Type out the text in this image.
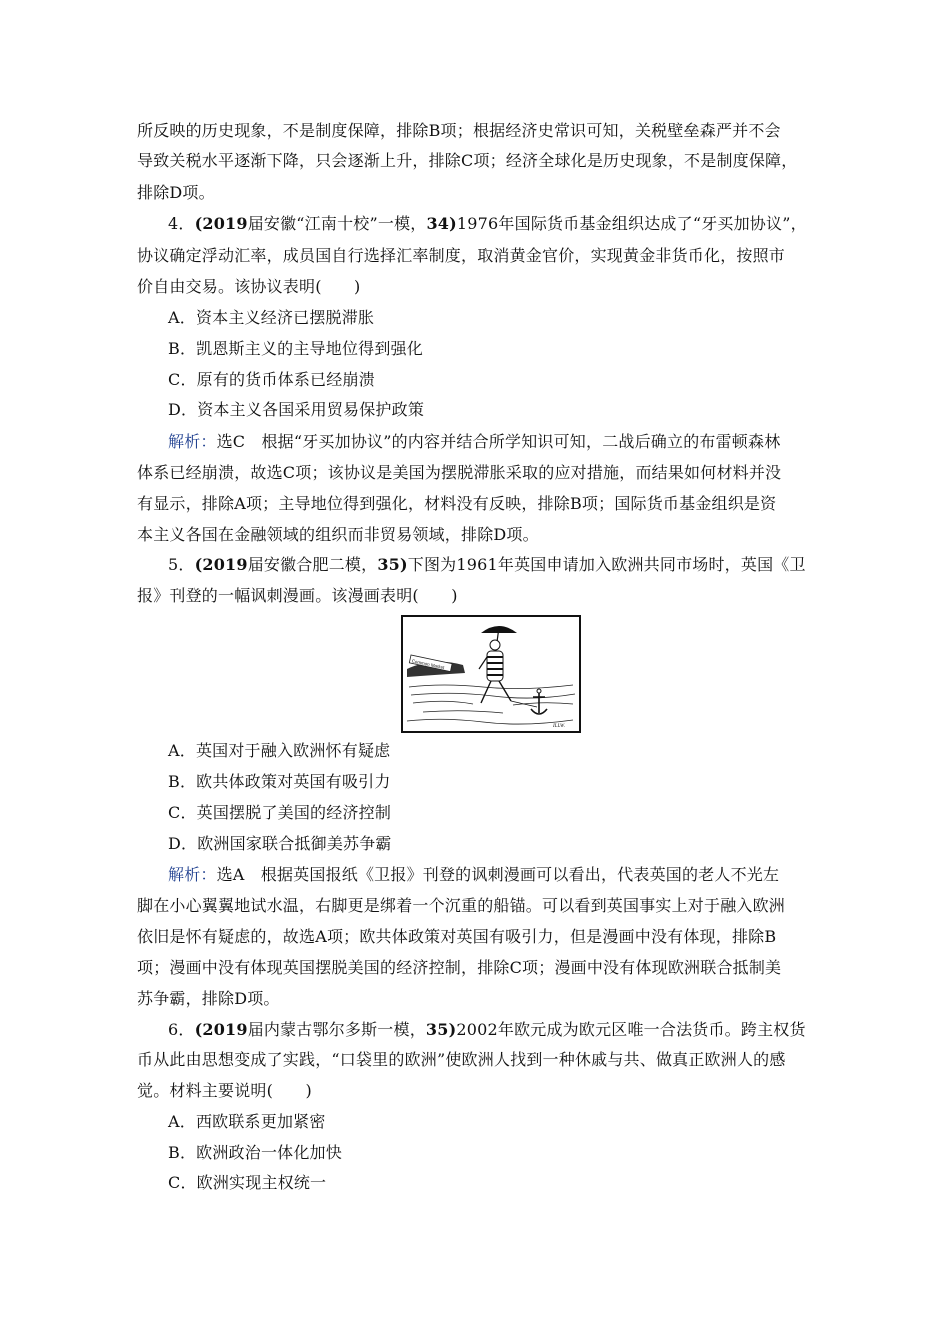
所反映的历史现象，不是制度保障，排除B项；根据经济史常识可知，关税壁垒森严并不会
导致关税水平逐渐下降，只会逐渐上升，排除C项；经济全球化是历史现象，不是制度保障，
排除D项。
4．(2019届安徽“江南十校”一模，34)1976年国际货币基金组织达成了“牙买加协议”，
协议确定浮动汇率，成员国自行选择汇率制度，取消黄金官价，实现黄金非货币化，按照市
价自由交易。该协议表明(　　)
A．资本主义经济已摆脱滞胀
B．凯恩斯主义的主导地位得到强化
C．原有的货币体系已经崩溃
D．资本主义各国采用贸易保护政策
解析：选C　根据“牙买加协议”的内容并结合所学知识可知，二战后确立的布雷顿森林
体系已经崩溃，故选C项；该协议是美国为摆脱滞胀采取的应对措施，而结果如何材料并没
有显示，排除A项；主导地位得到强化，材料没有反映，排除B项；国际货币基金组织是资
本主义各国在金融领域的组织而非贸易领域，排除D项。
5．(2019届安徽合肥二模，35)下图为1961年英国申请加入欧洲共同市场时，英国《卫
报》刊登的一幅讽刺漫画。该漫画表明(　　)
A．英国对于融入欧洲怀有疑虑
B．欧共体政策对英国有吸引力
C．英国摆脱了美国的经济控制
D．欧洲国家联合抵御美苏争霸
解析：选A　根据英国报纸《卫报》刊登的讽刺漫画可以看出，代表英国的老人不光左
脚在小心翼翼地试水温，右脚更是绑着一个沉重的船锚。可以看到英国事实上对于融入欧洲
依旧是怀有疑虑的，故选A项；欧共体政策对英国有吸引力，但是漫画中没有体现，排除B
项；漫画中没有体现英国摆脱美国的经济控制，排除C项；漫画中没有体现欧洲联合抵制美
苏争霸，排除D项。
6．(2019届内蒙古鄂尔多斯一模，35)2002年欧元成为欧元区唯一合法货币。跨主权货
币从此由思想变成了实践，“口袋里的欧洲”使欧洲人找到一种休戚与共、做真正欧洲人的感
觉。材料主要说明(　　)
A．西欧联系更加紧密
B．欧洲政治一体化加快
C．欧洲实现主权统一
Common Market
ILLW.
